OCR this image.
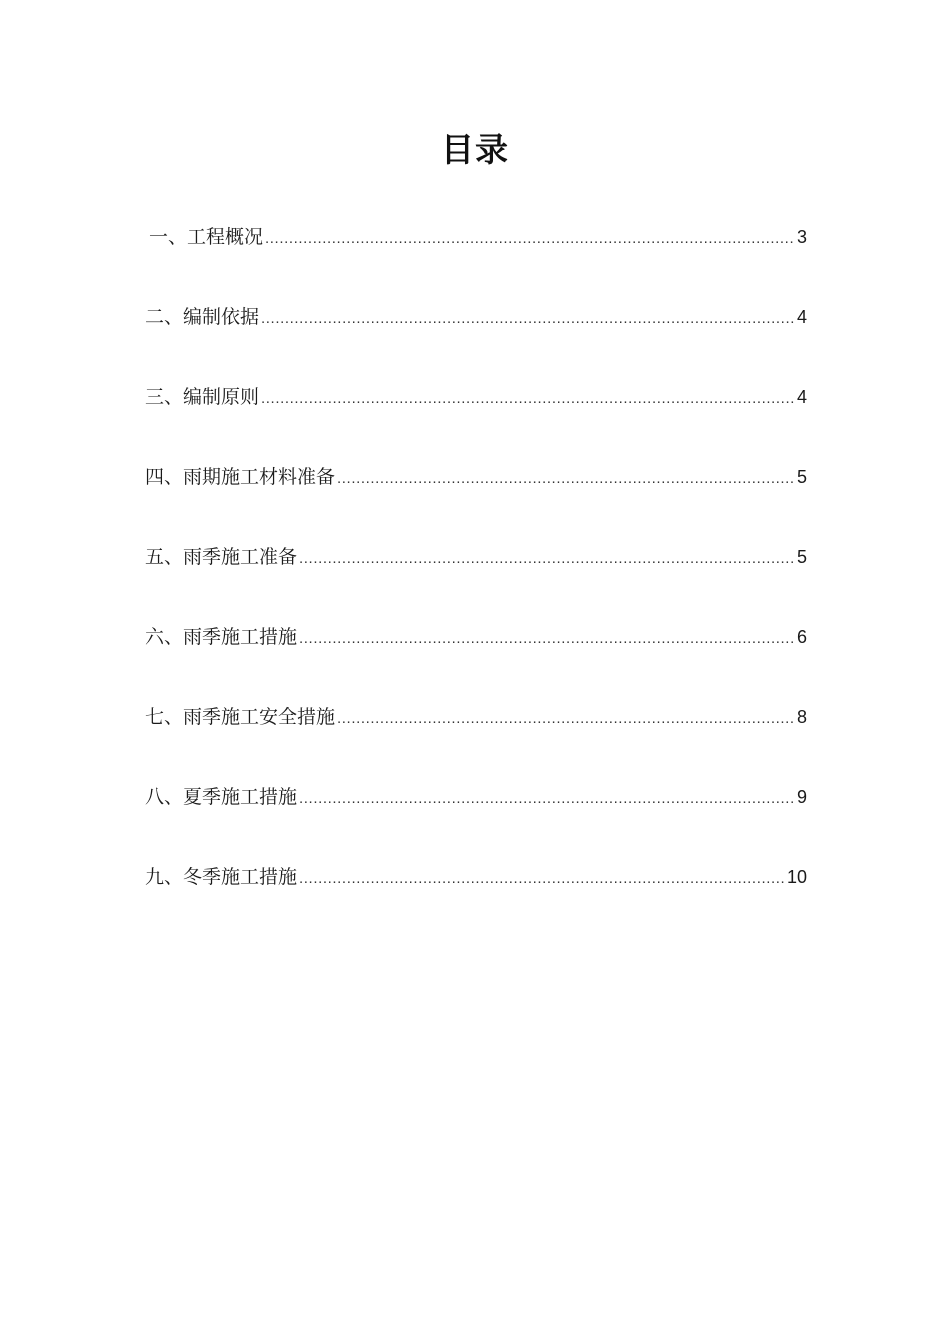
目录
一、工程概况 .....	3
二、编制依据 .....	4
三、编制原则 .....	4
四、雨期施工材料准备 .....	5
五、雨季施工准备 .....	5
六、雨季施工措施 .....	6
七、雨季施工安全措施 .....	8
八、夏季施工措施 .....	9
九、冬季施工措施 .....	10
